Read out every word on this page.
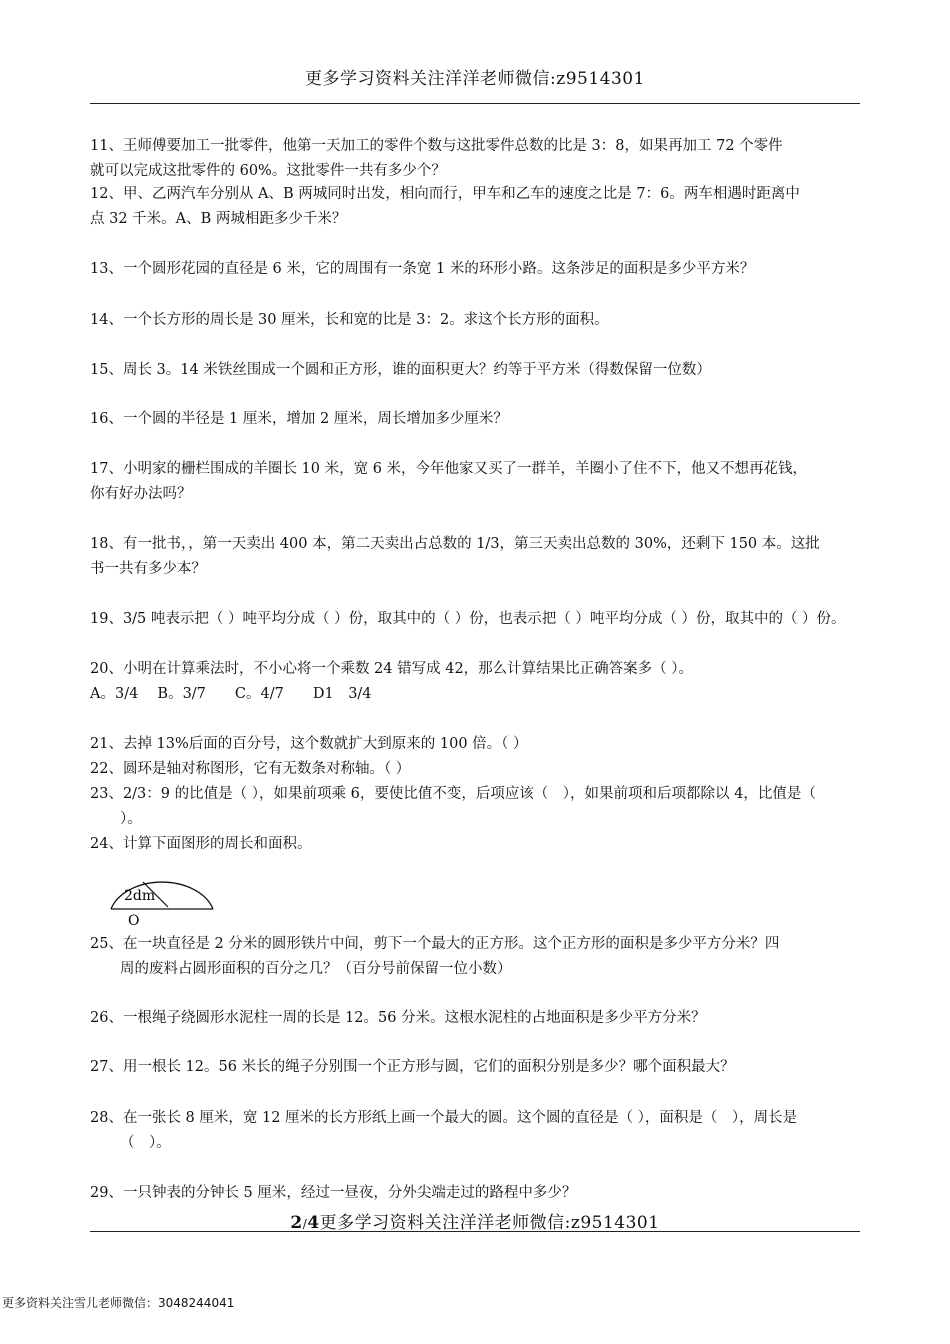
更多学习资料关注洋洋老师微信:z9514301
11、王师傅要加工一批零件，他第一天加工的零件个数与这批零件总数的比是 3：8，如果再加工 72 个零件
就可以完成这批零件的 60%。这批零件一共有多少个？
12、甲、乙两汽车分别从 A、B 两城同时出发，相向而行，甲车和乙车的速度之比是 7：6。两车相遇时距离中
点 32 千米。A、B 两城相距多少千米？
13、一个圆形花园的直径是 6 米，它的周围有一条宽 1 米的环形小路。这条涉足的面积是多少平方米？
14、一个长方形的周长是 30 厘米，长和宽的比是 3：2。求这个长方形的面积。
15、周长 3。14 米铁丝围成一个圆和正方形，谁的面积更大？约等于平方米（得数保留一位数）
16、一个圆的半径是 1 厘米，增加 2 厘米，周长增加多少厘米？
17、小明家的栅栏围成的羊圈长 10 米，宽 6 米，今年他家又买了一群羊，羊圈小了住不下，他又不想再花钱，
你有好办法吗？
18、有一批书，，第一天卖出 400 本，第二天卖出占总数的 1/3，第三天卖出总数的 30%，还剩下 150 本。这批
书一共有多少本？
19、3/5 吨表示把（ ）吨平均分成（ ）份，取其中的（ ）份，也表示把（ ）吨平均分成（ ）份，取其中的（ ）份。
20、小明在计算乘法时，不小心将一个乘数 24 错写成 42，那么计算结果比正确答案多（ ）。
A。3/4　 B。3/7　　C。4/7　　D1　3/4
21、去掉 13%后面的百分号，这个数就扩大到原来的 100 倍。（ ）
22、圆环是轴对称图形，它有无数条对称轴。（ ）
23、2/3：9 的比值是（ ），如果前项乘 6，要使比值不变，后项应该（　），如果前项和后项都除以 4，比值是（
）。
24、计算下面图形的周长和面积。
2dm
O
25、在一块直径是 2 分米的圆形铁片中间，剪下一个最大的正方形。这个正方形的面积是多少平方分米？四
周的废料占圆形面积的百分之几？（百分号前保留一位小数）
26、一根绳子绕圆形水泥柱一周的长是 12。56 分米。这根水泥柱的占地面积是多少平方分米？
27、用一根长 12。56 米长的绳子分别围一个正方形与圆，它们的面积分别是多少？哪个面积最大？
28、在一张长 8 厘米，宽 12 厘米的长方形纸上画一个最大的圆。这个圆的直径是（ ），面积是（　），周长是
（　）。
29、一只钟表的分钟长 5 厘米，经过一昼夜，分外尖端走过的路程中多少？
2/4更多学习资料关注洋洋老师微信:z9514301
更多资料关注雪儿老师微信：3048244041
